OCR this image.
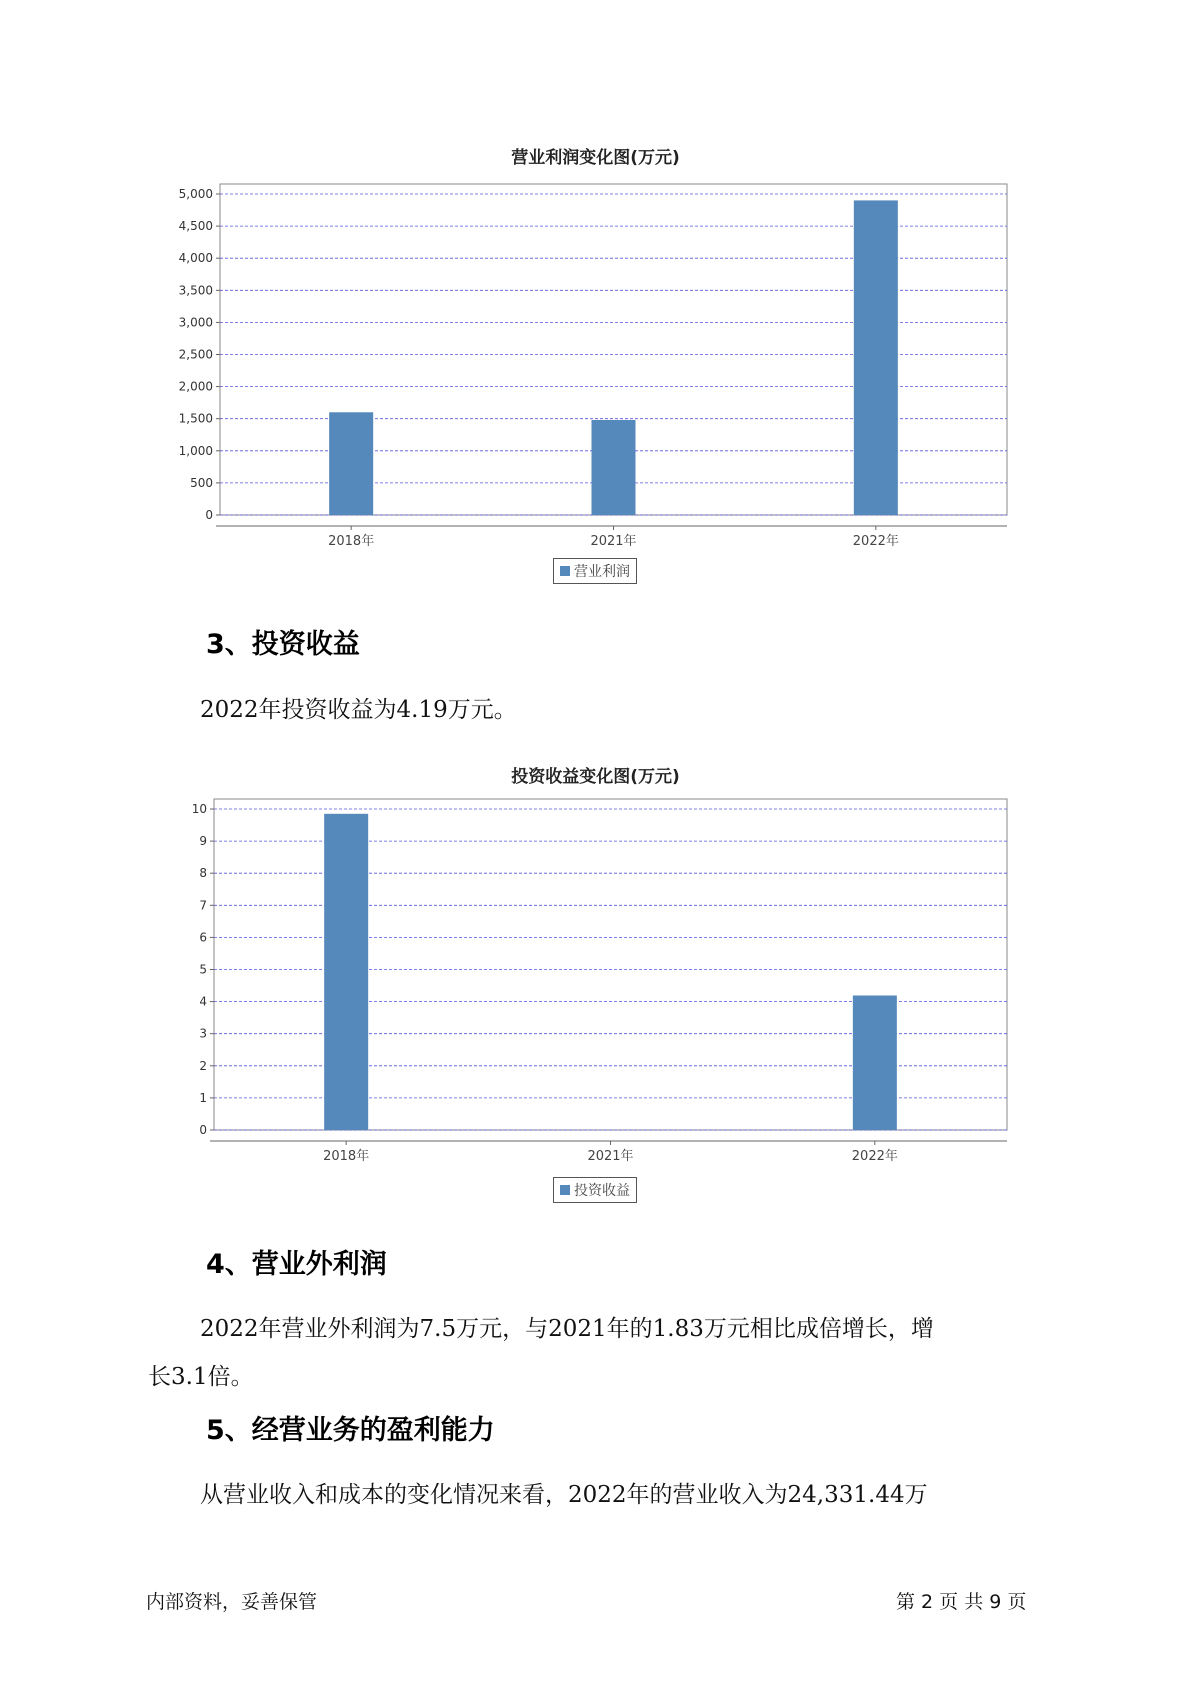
营业利润变化图(万元)
0
500
1,000
1,500
2,000
2,500
3,000
3,500
4,000
4,500
5,000
2018年	2021年	2022年
营业利润
3、投资收益
2022年投资收益为4.19万元。
投资收益变化图(万元)
0
1
2
3
4
5
6
7
8
9
10
2018年	2021年	2022年
投资收益
4、营业外利润
2022年营业外利润为7.5万元，与2021年的1.83万元相比成倍增长，增
长3.1倍。
5、经营业务的盈利能力
从营业收入和成本的变化情况来看，2022年的营业收入为24,331.44万
内部资料，妥善保管	第 2 页 共 9 页
